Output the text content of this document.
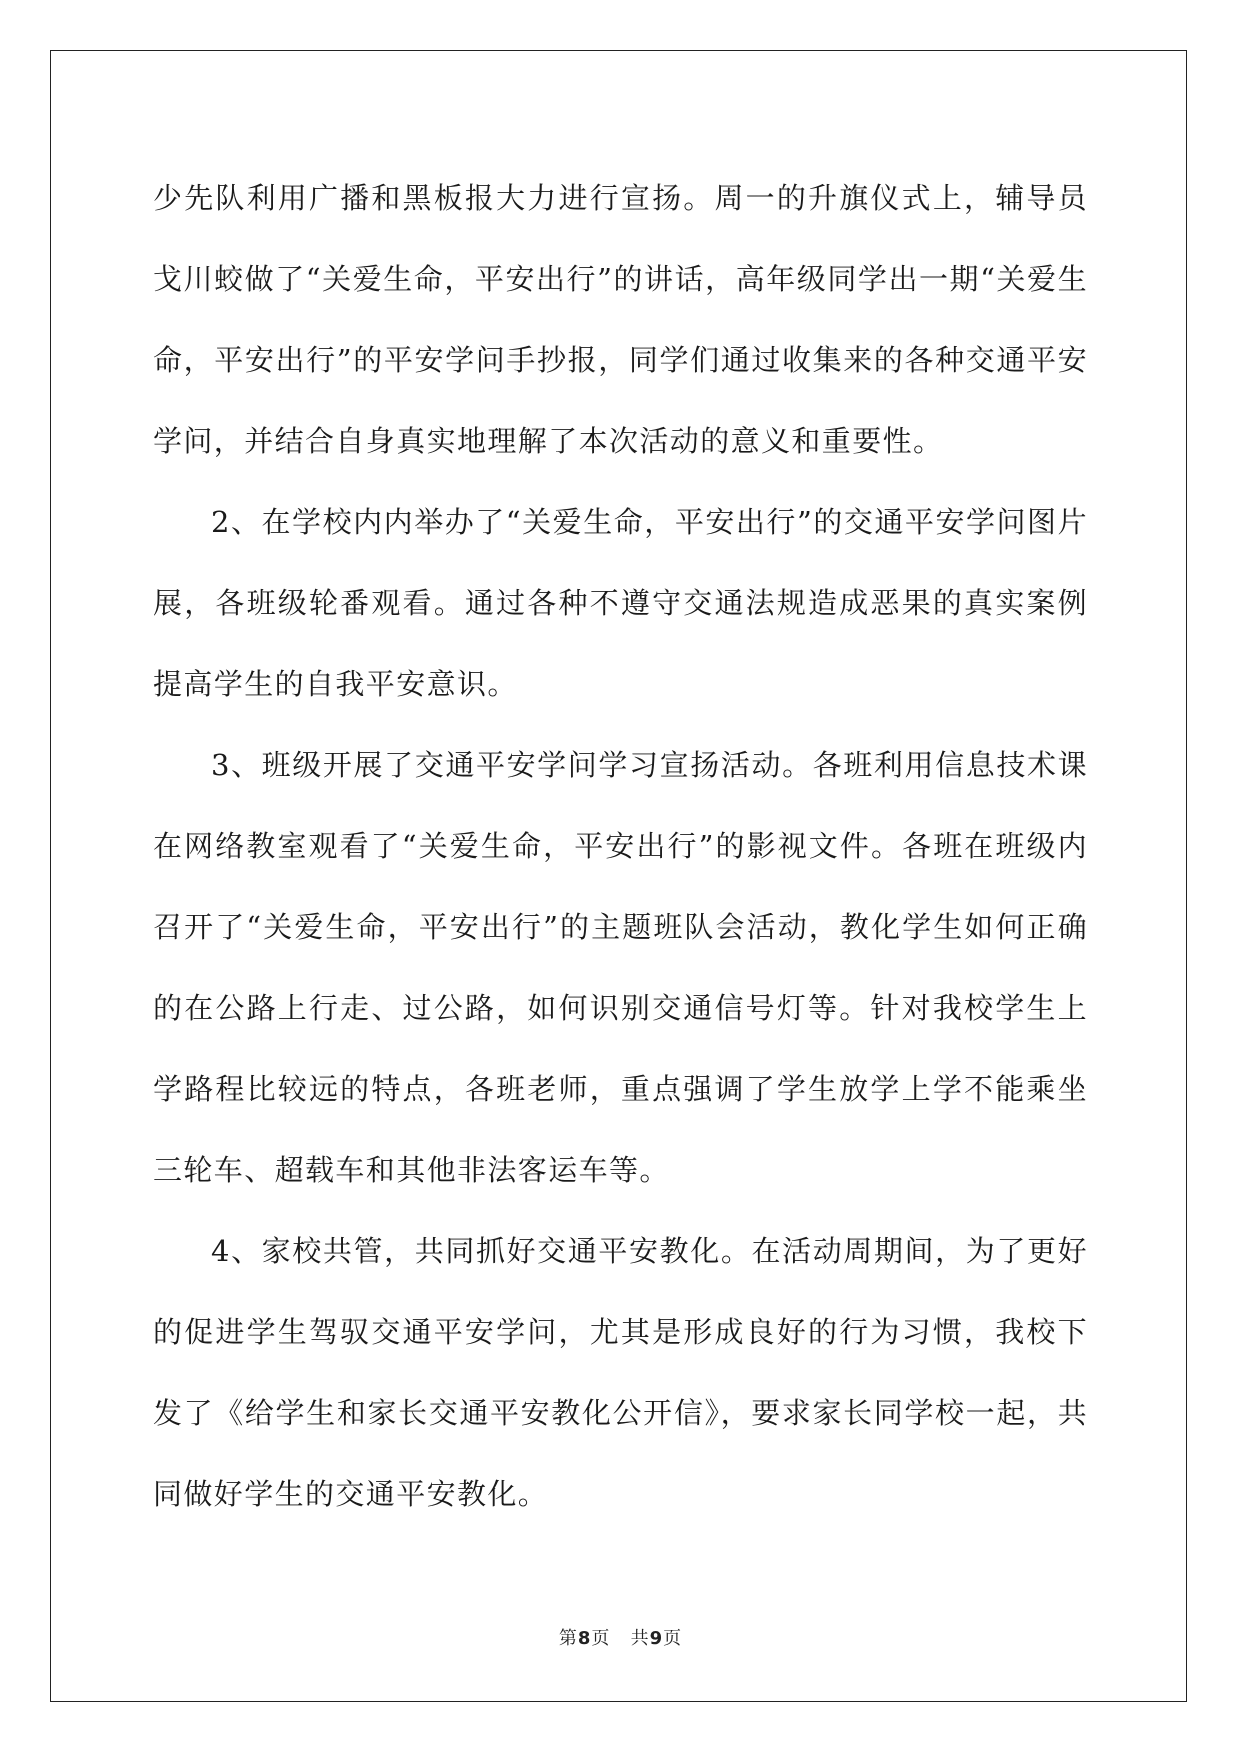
少先队利用广播和黑板报大力进行宣扬。周一的升旗仪式上，辅导员戈川蛟做了“关爱生命，平安出行”的讲话，高年级同学出一期“关爱生命，平安出行”的平安学问手抄报，同学们通过收集来的各种交通平安学问，并结合自身真实地理解了本次活动的意义和重要性。

2、在学校内内举办了“关爱生命，平安出行”的交通平安学问图片展，各班级轮番观看。通过各种不遵守交通法规造成恶果的真实案例提高学生的自我平安意识。

3、班级开展了交通平安学问学习宣扬活动。各班利用信息技术课在网络教室观看了“关爱生命，平安出行”的影视文件。各班在班级内召开了“关爱生命，平安出行”的主题班队会活动，教化学生如何正确的在公路上行走、过公路，如何识别交通信号灯等。针对我校学生上学路程比较远的特点，各班老师，重点强调了学生放学上学不能乘坐三轮车、超载车和其他非法客运车等。

4、家校共管，共同抓好交通平安教化。在活动周期间，为了更好的促进学生驾驭交通平安学问，尤其是形成良好的行为习惯，我校下发了《给学生和家长交通平安教化公开信》，要求家长同学校一起，共同做好学生的交通平安教化。

第8页 共9页
